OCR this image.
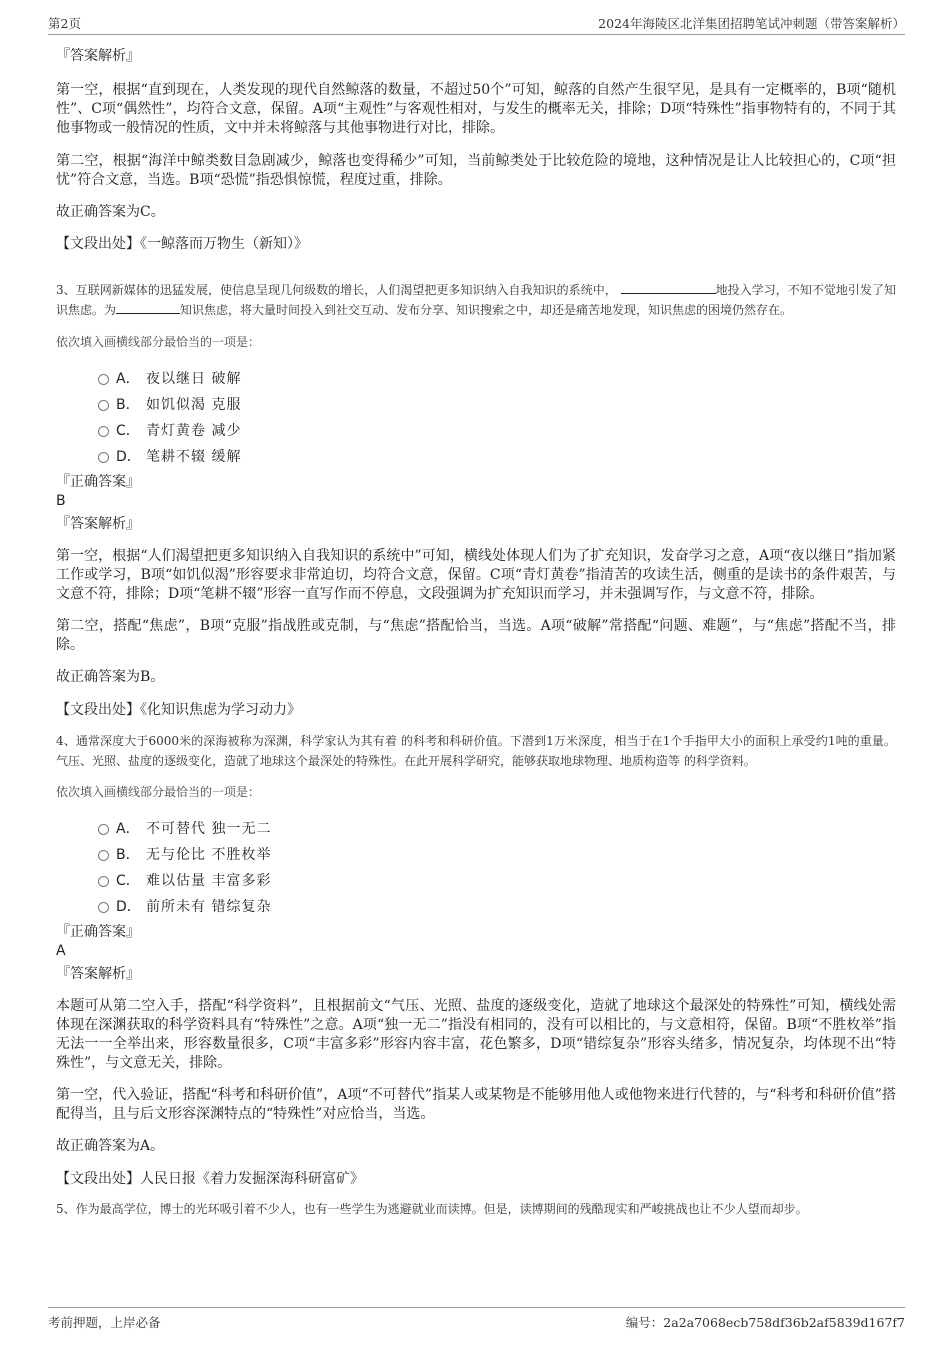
第2页	2024年海陵区北洋集团招聘笔试冲刺题（带答案解析）

『答案解析』

第一空，根据“直到现在，人类发现的现代自然鲸落的数量，不超过50个”可知，鲸落的自然产生很罕见，是具有一定概率的，B项“随机性”、C项“偶然性”，均符合文意，保留。A项“主观性”与客观性相对，与发生的概率无关，排除；D项“特殊性”指事物特有的，不同于其他事物或一般情况的性质，文中并未将鲸落与其他事物进行对比，排除。

第二空，根据“海洋中鲸类数目急剧减少，鲸落也变得稀少”可知，当前鲸类处于比较危险的境地，这种情况是让人比较担心的，C项“担忧”符合文意，当选。B项“恐慌”指恐惧惊慌，程度过重，排除。

故正确答案为C。

【文段出处】《一鲸落而万物生（新知）》

3、互联网新媒体的迅猛发展，使信息呈现几何级数的增长，人们渴望把更多知识纳入自我知识的系统中，	地投入学习，不知不觉地引发了知识焦虑。为	知识焦虑，将大量时间投入到社交互动、发布分享、知识搜索之中，却还是痛苦地发现，知识焦虑的困境仍然存在。

依次填入画横线部分最恰当的一项是：

A． 夜以继日 破解
B． 如饥似渴 克服
C． 青灯黄卷 减少
D． 笔耕不辍 缓解

『正确答案』

B

『答案解析』

第一空，根据“人们渴望把更多知识纳入自我知识的系统中”可知，横线处体现人们为了扩充知识，发奋学习之意，A项“夜以继日”指加紧工作或学习，B项“如饥似渴”形容要求非常迫切，均符合文意，保留。C项“青灯黄卷”指清苦的攻读生活，侧重的是读书的条件艰苦，与文意不符，排除；D项“笔耕不辍”形容一直写作而不停息，文段强调为扩充知识而学习，并未强调写作，与文意不符，排除。

第二空，搭配“焦虑”，B项“克服”指战胜或克制，与“焦虑”搭配恰当，当选。A项“破解”常搭配“问题、难题”，与“焦虑”搭配不当，排除。

故正确答案为B。

【文段出处】《化知识焦虑为学习动力》

4、通常深度大于6000米的深海被称为深渊，科学家认为其有着 的科考和科研价值。下潜到1万米深度，相当于在1个手指甲大小的面积上承受约1吨的重量。气压、光照、盐度的逐级变化，造就了地球这个最深处的特殊性。在此开展科学研究，能够获取地球物理、地质构造等 的科学资料。

依次填入画横线部分最恰当的一项是：

A． 不可替代 独一无二
B． 无与伦比 不胜枚举
C． 难以估量 丰富多彩
D． 前所未有 错综复杂

『正确答案』

A

『答案解析』

本题可从第二空入手，搭配“科学资料”，且根据前文“气压、光照、盐度的逐级变化，造就了地球这个最深处的特殊性”可知，横线处需体现在深渊获取的科学资料具有“特殊性”之意。A项“独一无二”指没有相同的，没有可以相比的，与文意相符，保留。B项“不胜枚举”指无法一一全举出来，形容数量很多，C项“丰富多彩”形容内容丰富，花色繁多，D项“错综复杂”形容头绪多，情况复杂，均体现不出“特殊性”，与文意无关，排除。

第一空，代入验证，搭配“科考和科研价值”，A项“不可替代”指某人或某物是不能够用他人或他物来进行代替的，与“科考和科研价值”搭配得当，且与后文形容深渊特点的“特殊性”对应恰当，当选。

故正确答案为A。

【文段出处】人民日报《着力发掘深海科研富矿》

5、作为最高学位，博士的光环吸引着不少人，也有一些学生为逃避就业而读博。但是，读博期间的残酷现实和严峻挑战也让不少人望而却步。

考前押题，上岸必备	编号：2a2a7068ecb758df36b2af5839d167f7
